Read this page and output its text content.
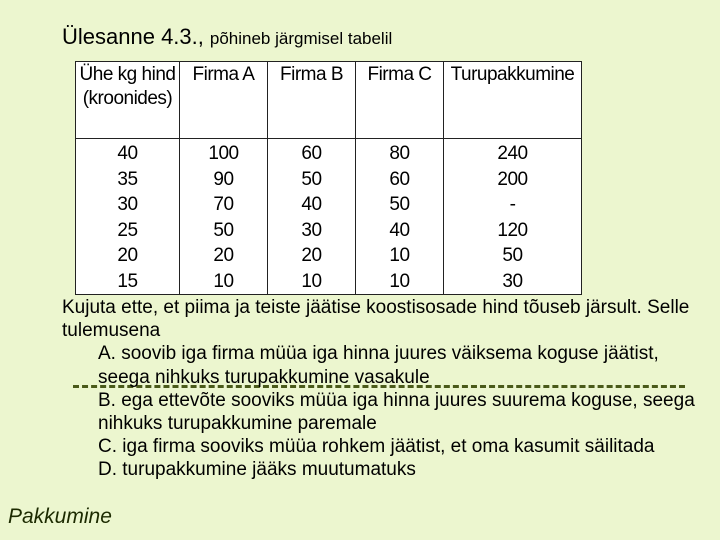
Ülesanne 4.3., põhineb järgmisel tabelil
Ühe kg hind (kroonides)	Firma A	Firma B	Firma C	Turupakkumine
40	100	60	80	240
35	90	50	60	200
30	70	40	50	-
25	50	30	40	120
20	20	20	10	50
15	10	10	10	30

Kujuta ette, et piima ja teiste jäätise koostisosade hind tõuseb järsult. Selle tulemusena

A. soovib iga firma müüa iga hinna juures väiksema koguse jäätist, seega nihkuks turupakkumine vasakule

B. ega ettevõte sooviks müüa iga hinna juures suurema koguse, seega nihkuks turupakkumine paremale

C. iga firma sooviks müüa rohkem jäätist, et oma kasumit säilitada

D. turupakkumine jääks muutumatuks

Pakkumine
